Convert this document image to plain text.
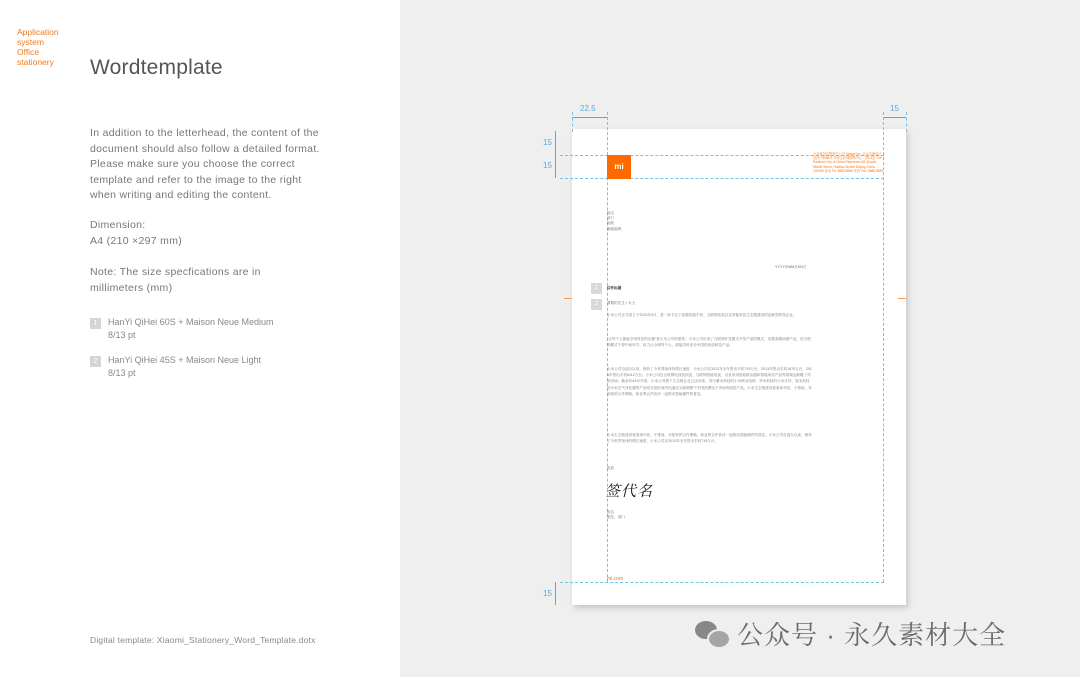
Application
system
Office
stationery	Wordtemplate
In addition to the letterhead, the content of the document should also follow a detailed format. Please make sure you choose the correct template and refer to the image to the right when writing and editing the content.
Dimension:
A4 (210 ×297 mm)
Note: The size specfications are in millimeters (mm)
1	HanYi QiHei 60S + Maison Neue Medium
8/13 pt
2	HanYi QiHei 45S + Maison Neue Light
8/13 pt
Digital template: Xiaomi_Stationery_Word_Template.dotx
22.5	15
15
15
15
mi
小米科技有限责任公司 Xiaomi Inc. 北京市海淀区清河中街68号 华润五彩城购物中心二期13层 The Rainbow City of China Resources 68 Qinghe Middle Street, Haidian District Beijing China 100085 电话 Tel: 8888 8888 传真 Fax: 8888 8888
姓名
部门
地址
邮政编码
YYYY年MM月DD日
1	信件标题
2	尊敬的先生 / 女士：
小米公司正式成立于2010年4月，是一家专注于高端智能手机、互联网电视以及智能家居生态链建设的创新型科技企业。
"让每个人都能享受科技的乐趣"是小米公司的愿景。小米公司应用了互联网开发模式开发产品的模式，用极客精神做产品，用互联网模式干掉中间环节，致力让全球每个人，都能享用来自中国的优质科技产品。
小米公司自创办以来，保持了令世界惊讶的增长速度，小米公司在2012年全年售出手机719万台，2013年售出手机1870万台，2014年售出手机6112万台。小米公司在互联网电视机顶盒、互联网智能电视，以及家用智能路由器和智能家居产品等领域也颠覆了传统市场。截至2014年年底，小米公司旗下生态链企业已达22家，其中紫米科技的小米移动电源、华米科技的小米手环、智米科技的小米空气净化器等产品均在短时间内迅速成为影响整个中国消费电子市场的明星产品。小米生态链建设将秉承开放、不排他、非独家的合作策略，和业界合作伙伴一起推动智能硬件的普及。
小米生态链建设将秉承开放、不排他、非独家的合作策略，和业界合作伙伴一起推动智能硬件的普及。小米公司自创办以来，保持了令世界惊讶的增长速度，小米公司在2012年全年售出手机719万台。
此致
签代名
姓名
职位，部门
mi.com
公众号 · 永久素材大全
